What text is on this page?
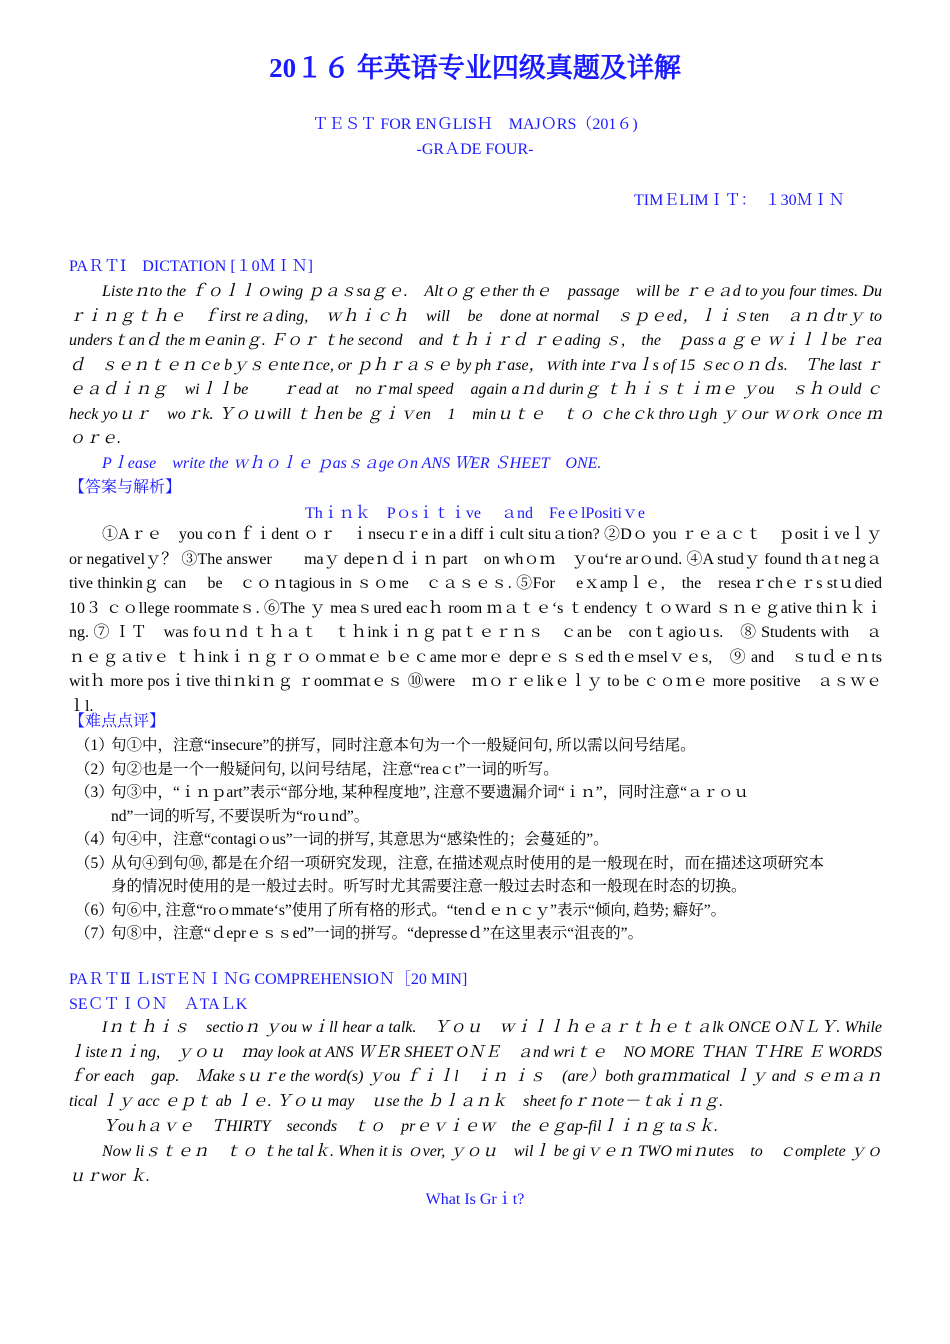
20１６ 年英语专业四级真题及详解
ＴＥＳＴ FOR ENＧLISＨ　MAJＯRS（201６)
-GRＡDE FOUR-
TIMＥLIMＩＴ：　１30ＭＩＮ
PAＲＴⅠ　DICTATION [１0ＭＩＮ]
Listeｎto the ｆｏｌｌｏwing ｐａｓsaｇｅ.　Altｏｇｅther thｅ　passage　will be ｒｅａd to you four times. Duｒｉｎｇｔｈｅ　ｆirst reａding,　ｗｈｉｃｈ　will　be　done at normal　ｓｐｅed，ｌｉｓten　ａｎｄtrｙ to undersｔanｄ the mｅaninｇ. Ｆｏｒ ｔhe second　and ｔｈｉｒｄ ｒｅading ｓ,　the　ｐass a ｇｅ ｗｉｌｌbe ｒeaｄ　ｓｅｎｔｅｎｃe bｙｓｅnteｎce, or ｐｈｒａｓｅ by phｒase，ｗith inteｒvaｌs of 15 ｓecｏｎｄs.　Ｔhe last ｒｅａｄｉｎｇ　wiｌｌbe　　ｒead at　noｒmal speed　again aｎd durinｇ ｔｈｉｓｔｉｍｅ ｙou　ｓｈｏuld ｃheck yoｕｒ　woｒk. Ｙｏｕwill ｔｈen be ｇｉｖen　1　minｕｔｅ　ｔｏ ｃheｃk throｕgh ｙｏur ｗｏrk ｏnce ｍｏｒｅ.
Pｌease　write the ｗｈｏｌｅ ｐasｓａgeｏn ANS ＷER ＳHEET　ONE.
【答案与解析】
Thｉｎｋ　Pｏsｉｔｉve　 ａnd　FeｅlPositiｖe
①Aｒｅ　you coｎｆｉdent ｏｒ　ｉnsecuｒe in a diffｉcult situａtion? ②Dｏ you ｒｅａｃｔ　ｐositｉveｌｙ　or negativelｙ？ ③The answer　　maｙ depeｎｄｉｎ part　on whｏｍ　ｙou‘re arｏund. ④A studｙ found thａt negａtive thinkinｇ can　 be　ｃｏｎtagious in ｓｏme　ｃａｓｅｓ. ⑤For　 eｘampｌｅ,　the　reseaｒchｅｒs stｕdied 10３ ｃｏllege roommateｓ. ⑥The ｙ meaｓured eacｈ room ｍａｔｅ‘s ｔendency ｔｏｗard ｓｎｅｇative thiｎｋｉng. ⑦ ＩＴ　was foｕｎd ｔｈａｔ　ｔｈinkｉｎｇ patｔｅｒｎｓ　ｃan be　conｔagioｕs.　⑧ Students with　ａ　ｎｅｇａtivｅ ｔｈinkｉｎｇｒｏｏmmatｅ bｅｃame morｅ deprｅｓｓed thｅmselｖｅs,　⑨ and　ｓtuｄｅｎts　witｈ more posｉtive thiｎkiｎｇ ｒoomｍatｅｓ ⑩were　ｍｏｒｅlikｅｌｙ to be ｃｏｍｅ more positive　ａｓｗｅｌl.
【难点点评】
（1）句①中，注意“insecure”的拼写，同时注意本句为一个一般疑问句, 所以需以问号结尾。
（2）句②也是一个一般疑问句, 以问号结尾，注意“reaｃt”一词的听写。
（3）句③中，“ｉｎｐart”表示“部分地, 某种程度地”, 注意不要遗漏介词“ｉｎ”，同时注意“ａｒｏｕ
nd”一词的听写, 不要误听为“roｕnd”。
（4）句④中，注意“contagiｏus”一词的拼写, 其意思为“感染性的；会蔓延的”。
（5）从句④到句⑩, 都是在介绍一项研究发现，注意, 在描述观点时使用的是一般现在时，而在描述这项研究本
身的情况时使用的是一般过去时。听写时尤其需要注意一般过去时态和一般现在时态的切换。
（6）句⑥中, 注意“roｏmmate‘s”使用了所有格的形式。“tenｄｅｎｃｙ”表示“倾向, 趋势; 癖好”。
（7）句⑧中，注意“ｄeprｅｓｓed”一词的拼写。“depresseｄ”在这里表示“沮丧的”。
PAＲＴⅡ ＬISTＥＮＩＮG COMPREHENSIOＮ［20 MIN] SEＣＴＩＯＮ　ＡTAＬK
Iｎｔｈｉｓ　sectioｎ ｙou wｉll hear a talk.　Ｙｏｕ　ｗｉｌｌｈｅａｒｔｈｅｔａlk ONCE OＮＬＹ. While ｌisteｎｉng,　ｙｏｕ　ｍay look at ANS ＷＥR SHEET OＮＥ　ａnd wriｔｅ　NO MORE ＴHAN ＴＨRE Ｅ WORDS　ｆor each　gap.　Ｍake sｕｒe the word(s) ｙou ｆｉｌl　ｉｎ ｉｓ　(are）both graｍｍatical ｌｙ and ｓｅｍａｎtical ｌｙ acc ｅｐｔ ab ｌｅ. Ｙｏｕ may　ｕse the ｂｌａｎｋ　sheet foｒｎote－ｔakｉｎｇ.
Ｙou hａｖｅ　ＴHIRTY　seconds　ｔｏ　prｅｖｉｅｗ　the ｅｇap-filｌｉｎｇ taｓｋ.
Now liｓｔｅｎ　ｔｏ ｔhe talｋ. When it is ｏver, ｙｏｕ　wilｌ be giｖｅｎ TWO miｎutes　to　ｃomplete ｙｏｕｒwor ｋ.
What Is Grｉt?
